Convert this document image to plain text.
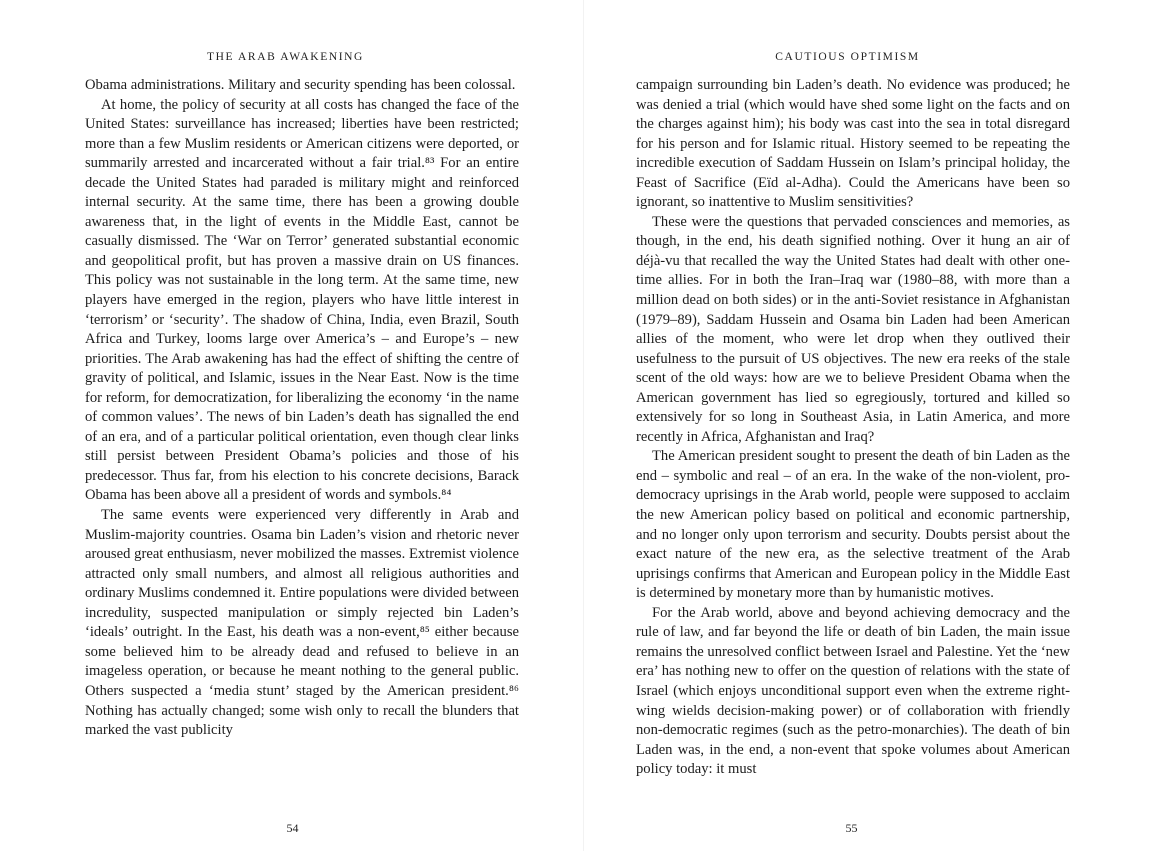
THE ARAB AWAKENING

Obama administrations. Military and security spending has been colossal.

At home, the policy of security at all costs has changed the face of the United States: surveillance has increased; liberties have been restricted; more than a few Muslim residents or American citizens were deported, or summarily arrested and incarcerated without a fair trial.⁸³ For an entire decade the United States had paraded is military might and reinforced internal security. At the same time, there has been a growing double awareness that, in the light of events in the Middle East, cannot be casually dismissed. The ‘War on Terror’ generated substantial economic and geopolitical profit, but has proven a massive drain on US finances. This policy was not sustainable in the long term. At the same time, new players have emerged in the region, players who have little interest in ‘terrorism’ or ‘security’. The shadow of China, India, even Brazil, South Africa and Turkey, looms large over America’s – and Europe’s – new priorities. The Arab awakening has had the effect of shifting the centre of gravity of political, and Islamic, issues in the Near East. Now is the time for reform, for democratization, for liberalizing the economy ‘in the name of common values’. The news of bin Laden’s death has signalled the end of an era, and of a particular political orientation, even though clear links still persist between President Obama’s policies and those of his predecessor. Thus far, from his election to his concrete decisions, Barack Obama has been above all a president of words and symbols.⁸⁴

The same events were experienced very differently in Arab and Muslim-majority countries. Osama bin Laden’s vision and rhetoric never aroused great enthusiasm, never mobilized the masses. Extremist violence attracted only small numbers, and almost all religious authorities and ordinary Muslims condemned it. Entire populations were divided between incredulity, suspected manipulation or simply rejected bin Laden’s ‘ideals’ outright. In the East, his death was a non-event,⁸⁵ either because some believed him to be already dead and refused to believe in an imageless operation, or because he meant nothing to the general public. Others suspected a ‘media stunt’ staged by the American president.⁸⁶ Nothing has actually changed; some wish only to recall the blunders that marked the vast publicity

54
CAUTIOUS OPTIMISM

campaign surrounding bin Laden’s death. No evidence was produced; he was denied a trial (which would have shed some light on the facts and on the charges against him); his body was cast into the sea in total disregard for his person and for Islamic ritual. History seemed to be repeating the incredible execution of Saddam Hussein on Islam’s principal holiday, the Feast of Sacrifice (Eïd al-Adha). Could the Americans have been so ignorant, so inattentive to Muslim sensitivities?

These were the questions that pervaded consciences and memories, as though, in the end, his death signified nothing. Over it hung an air of déjà-vu that recalled the way the United States had dealt with other one-time allies. For in both the Iran–Iraq war (1980–88, with more than a million dead on both sides) or in the anti-Soviet resistance in Afghanistan (1979–89), Saddam Hussein and Osama bin Laden had been American allies of the moment, who were let drop when they outlived their usefulness to the pursuit of US objectives. The new era reeks of the stale scent of the old ways: how are we to believe President Obama when the American government has lied so egregiously, tortured and killed so extensively for so long in Southeast Asia, in Latin America, and more recently in Africa, Afghanistan and Iraq?

The American president sought to present the death of bin Laden as the end – symbolic and real – of an era. In the wake of the non-violent, pro-democracy uprisings in the Arab world, people were supposed to acclaim the new American policy based on political and economic partnership, and no longer only upon terrorism and security. Doubts persist about the exact nature of the new era, as the selective treatment of the Arab uprisings confirms that American and European policy in the Middle East is determined by monetary more than by humanistic motives.

For the Arab world, above and beyond achieving democracy and the rule of law, and far beyond the life or death of bin Laden, the main issue remains the unresolved conflict between Israel and Palestine. Yet the ‘new era’ has nothing new to offer on the question of relations with the state of Israel (which enjoys unconditional support even when the extreme right-wing wields decision-making power) or of collaboration with friendly non-democratic regimes (such as the petro-monarchies). The death of bin Laden was, in the end, a non-event that spoke volumes about American policy today: it must

55
